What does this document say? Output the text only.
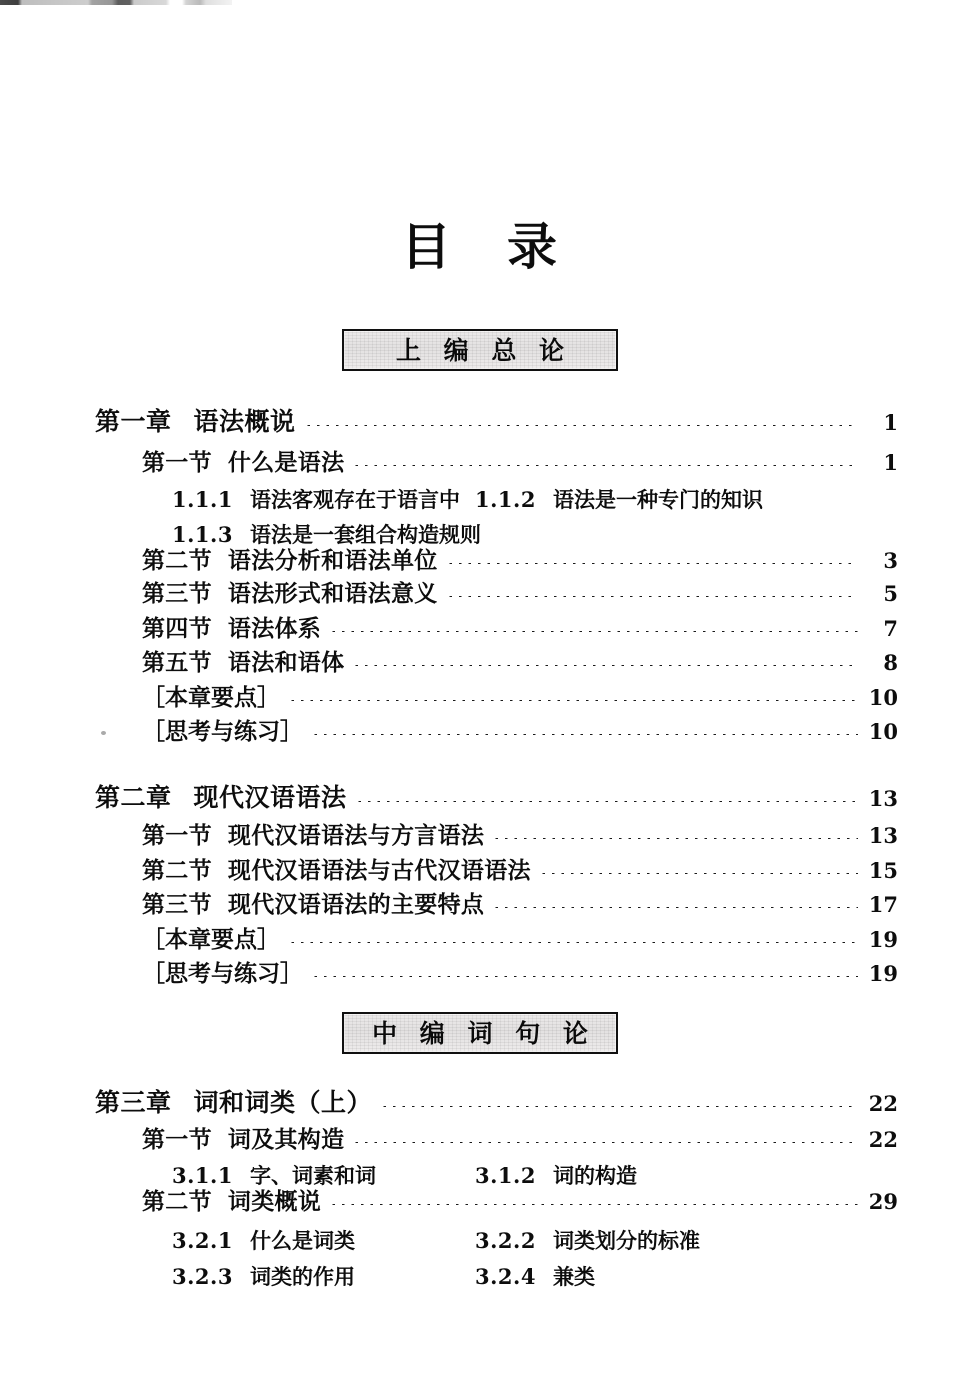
目 录
上 编 总 论
中 编 词 句 论
第一章 语法概说	1
第一节 什么是语法	1
1.1.1 语法客观存在于语言中 1.1.2 语法是一种专门的知识
1.1.3 语法是一套组合构造规则
第二节 语法分析和语法单位	3
第三节 语法形式和语法意义	5
第四节 语法体系	7
第五节 语法和语体	8
［本章要点］	10
［思考与练习］	10
第二章 现代汉语语法	13
第一节 现代汉语语法与方言语法	13
第二节 现代汉语语法与古代汉语语法	15
第三节 现代汉语语法的主要特点	17
［本章要点］	19
［思考与练习］	19
第三章 词和词类（上）	22
第一节 词及其构造	22
3.1.1 字、词素和词	3.1.2 词的构造
第二节 词类概说	29
3.2.1 什么是词类	3.2.2 词类划分的标准
3.2.3 词类的作用	3.2.4 兼类
